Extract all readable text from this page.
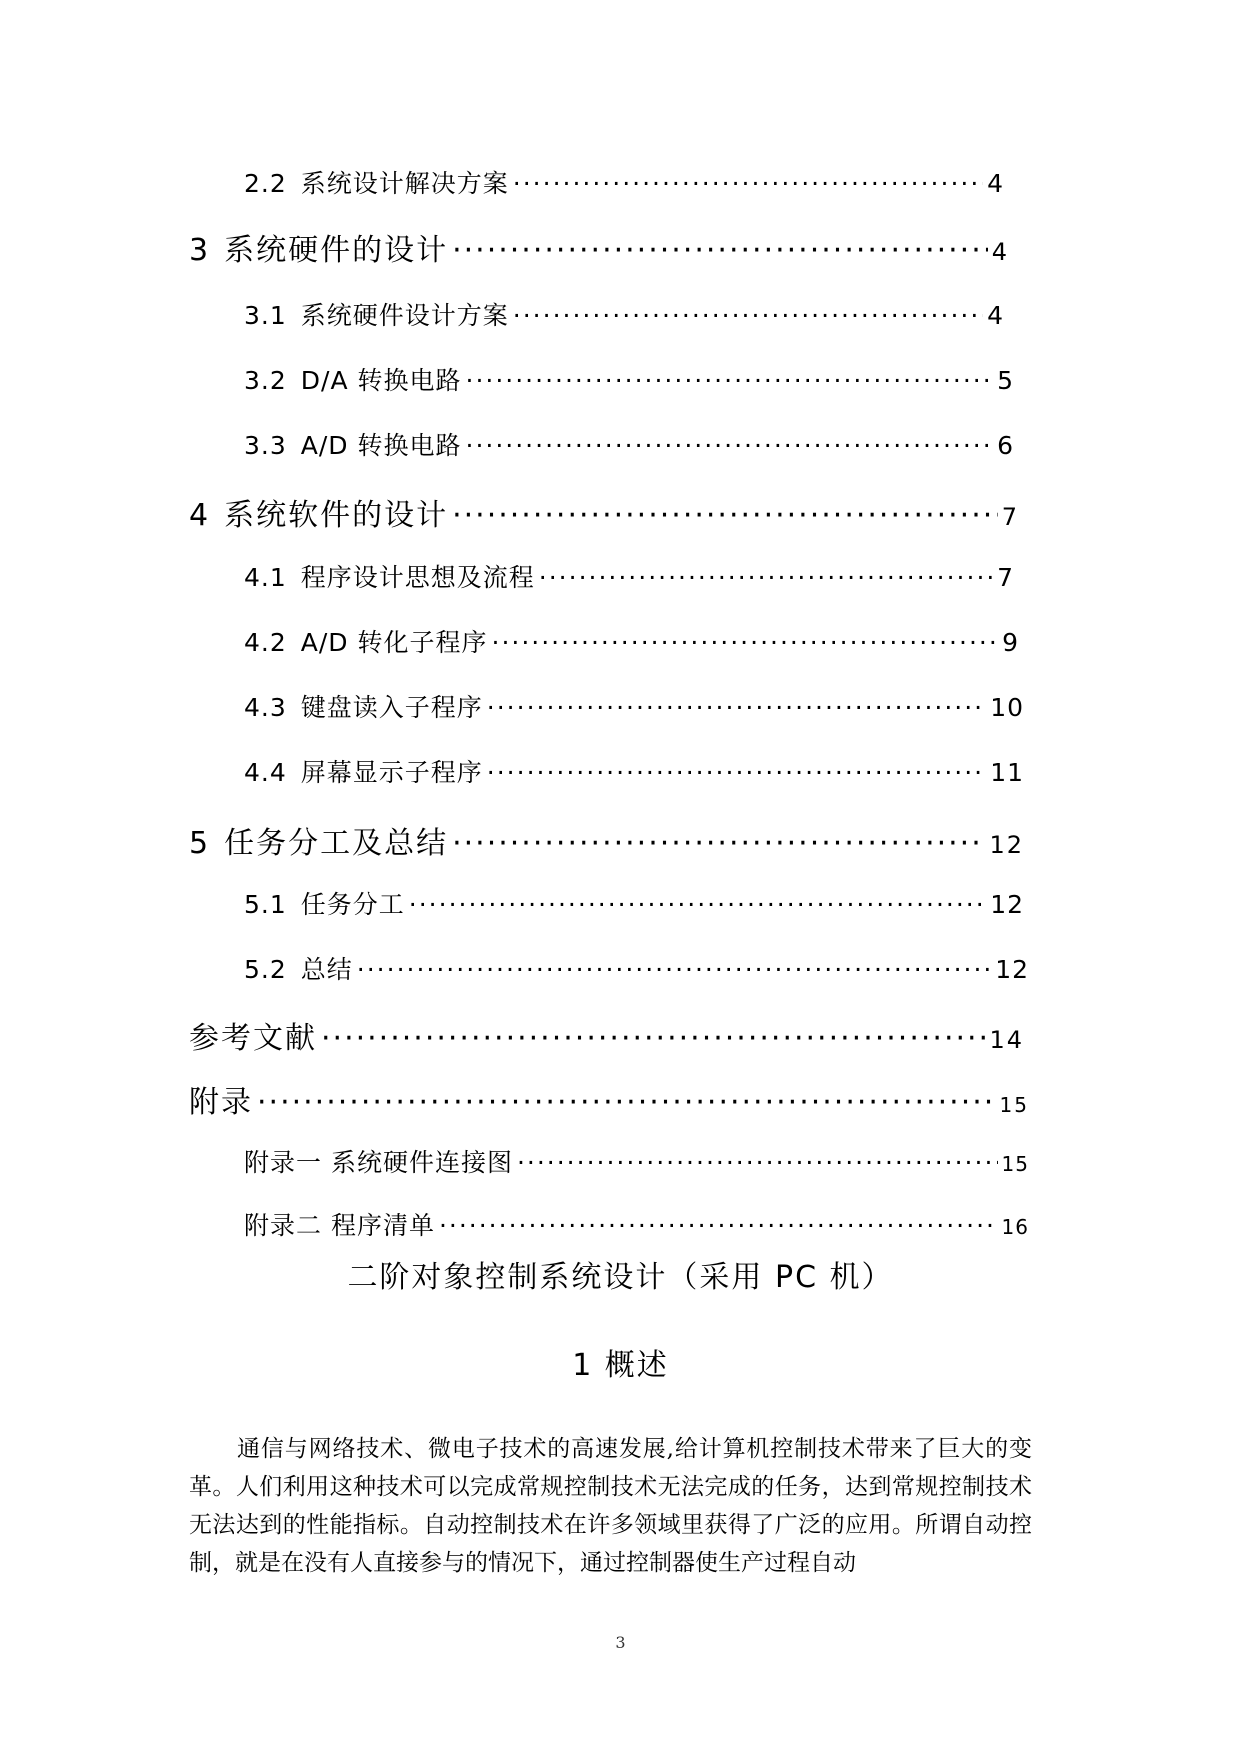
2.2 系统设计解决方案 ·····	4
3 系统硬件的设计 ·····	4
3.1 系统硬件设计方案 ·····	4
3.2 D/A 转换电路 ·····	5
3.3 A/D 转换电路 ·····	6
4 系统软件的设计 ·····	7
4.1 程序设计思想及流程 ·····	7
4.2 A/D 转化子程序 ·····	9
4.3 键盘读入子程序 ·····	10
4.4 屏幕显示子程序 ·····	11
5 任务分工及总结 ·····	12
5.1 任务分工 ·····	12
5.2 总结 ·····	12
参考文献 ·····	14
附录 ·····	15
附录一 系统硬件连接图 ·····	15
附录二 程序清单 ·····	16
二阶对象控制系统设计（采用 PC 机）
1 概述

通信与网络技术、微电子技术的高速发展,给计算机控制技术带来了巨大的变革。人们利用这种技术可以完成常规控制技术无法完成的任务，达到常规控制技术无法达到的性能指标。自动控制技术在许多领域里获得了广泛的应用。所谓自动控制，就是在没有人直接参与的情况下，通过控制器使生产过程自动

3
